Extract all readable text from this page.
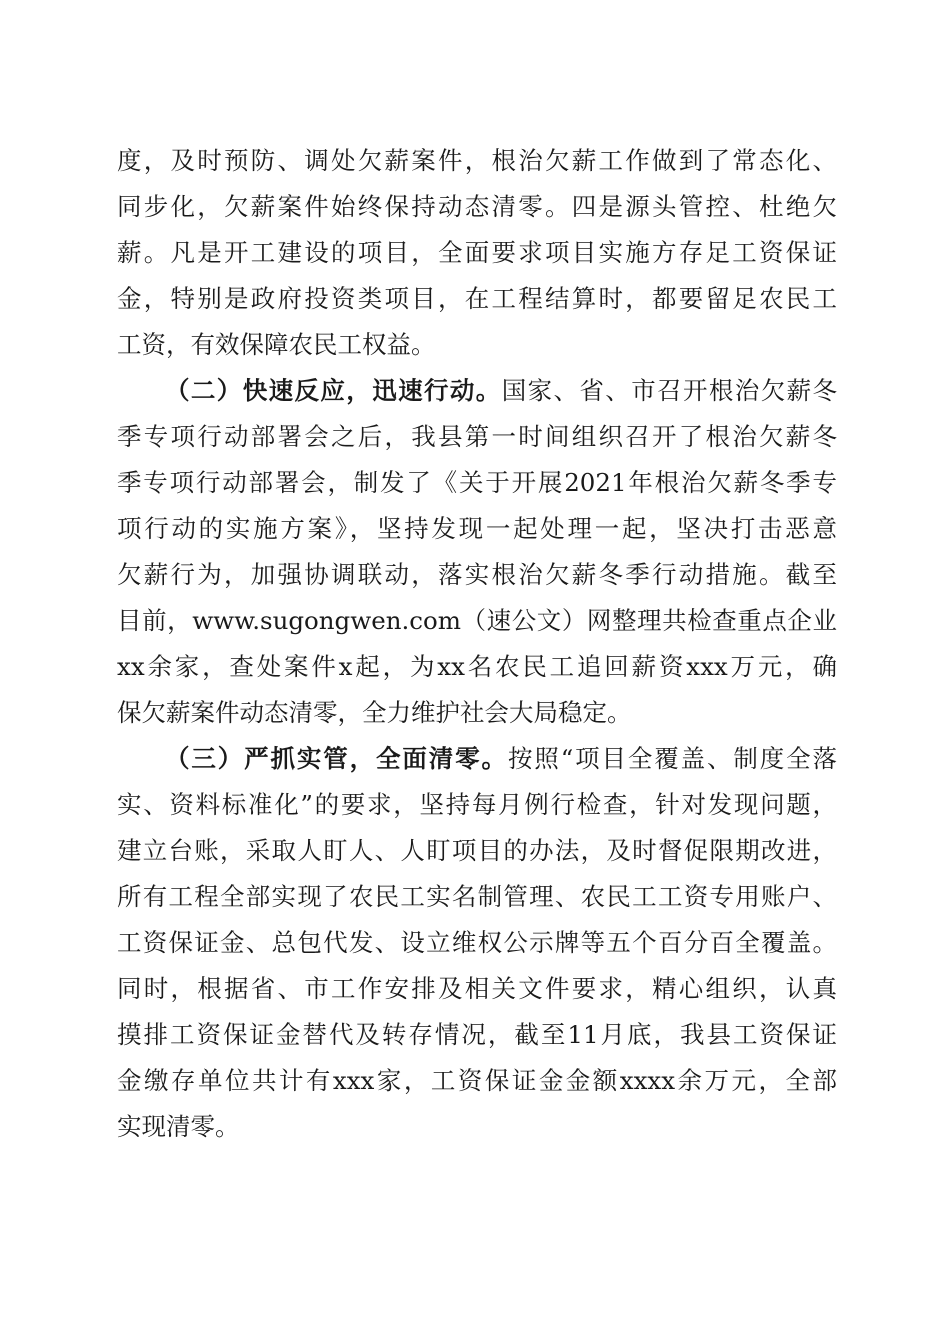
度，及时预防、调处欠薪案件，根治欠薪工作做到了常态化、
同步化，欠薪案件始终保持动态清零。四是源头管控、杜绝欠
薪。凡是开工建设的项目，全面要求项目实施方存足工资保证
金，特别是政府投资类项目，在工程结算时，都要留足农民工
工资，有效保障农民工权益。
（二）快速反应，迅速行动。国家、省、市召开根治欠薪冬
季专项行动部署会之后，我县第一时间组织召开了根治欠薪冬
季专项行动部署会，制发了《关于开展2021年根治欠薪冬季专
项行动的实施方案》，坚持发现一起处理一起，坚决打击恶意
欠薪行为，加强协调联动，落实根治欠薪冬季行动措施。截至
目前，www.sugongwen.com（速公文）网整理共检查重点企业
xx余家，查处案件x起，为xx名农民工追回薪资xxx万元，确
保欠薪案件动态清零，全力维护社会大局稳定。
（三）严抓实管，全面清零。按照“项目全覆盖、制度全落
实、资料标准化”的要求，坚持每月例行检查，针对发现问题，
建立台账，采取人盯人、人盯项目的办法，及时督促限期改进，
所有工程全部实现了农民工实名制管理、农民工工资专用账户、
工资保证金、总包代发、设立维权公示牌等五个百分百全覆盖。
同时，根据省、市工作安排及相关文件要求，精心组织，认真
摸排工资保证金替代及转存情况，截至11月底，我县工资保证
金缴存单位共计有xxx家，工资保证金金额xxxx余万元，全部
实现清零。
